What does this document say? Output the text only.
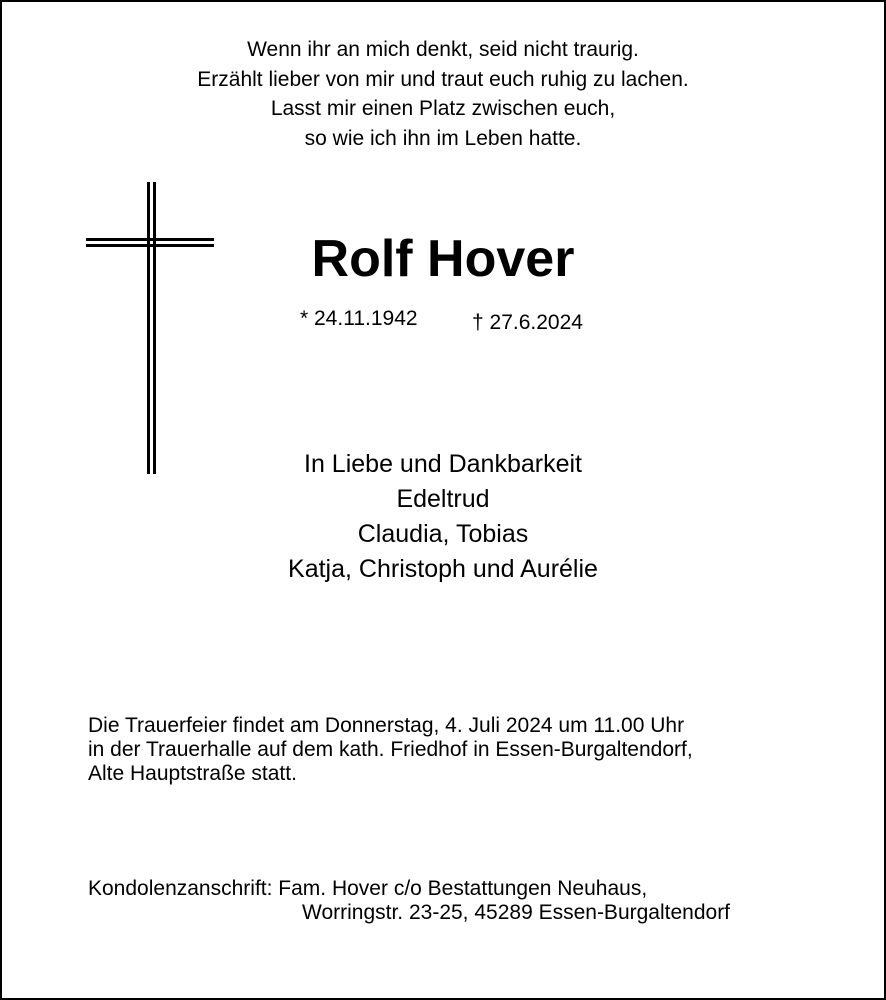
Wenn ihr an mich denkt, seid nicht traurig.
Erzählt lieber von mir und traut euch ruhig zu lachen.
Lasst mir einen Platz zwischen euch,
so wie ich ihn im Leben hatte.
Rolf Hover
* 24.11.1942	† 27.6.2024
In Liebe und Dankbarkeit
Edeltrud
Claudia, Tobias
Katja, Christoph und Aurélie
Die Trauerfeier findet am Donnerstag, 4. Juli 2024 um 11.00 Uhr
in der Trauerhalle auf dem kath. Friedhof in Essen-Burgaltendorf,
Alte Hauptstraße statt.
Kondolenzanschrift: Fam. Hover c/o Bestattungen Neuhaus,
Worringstr. 23-25, 45289 Essen-Burgaltendorf
